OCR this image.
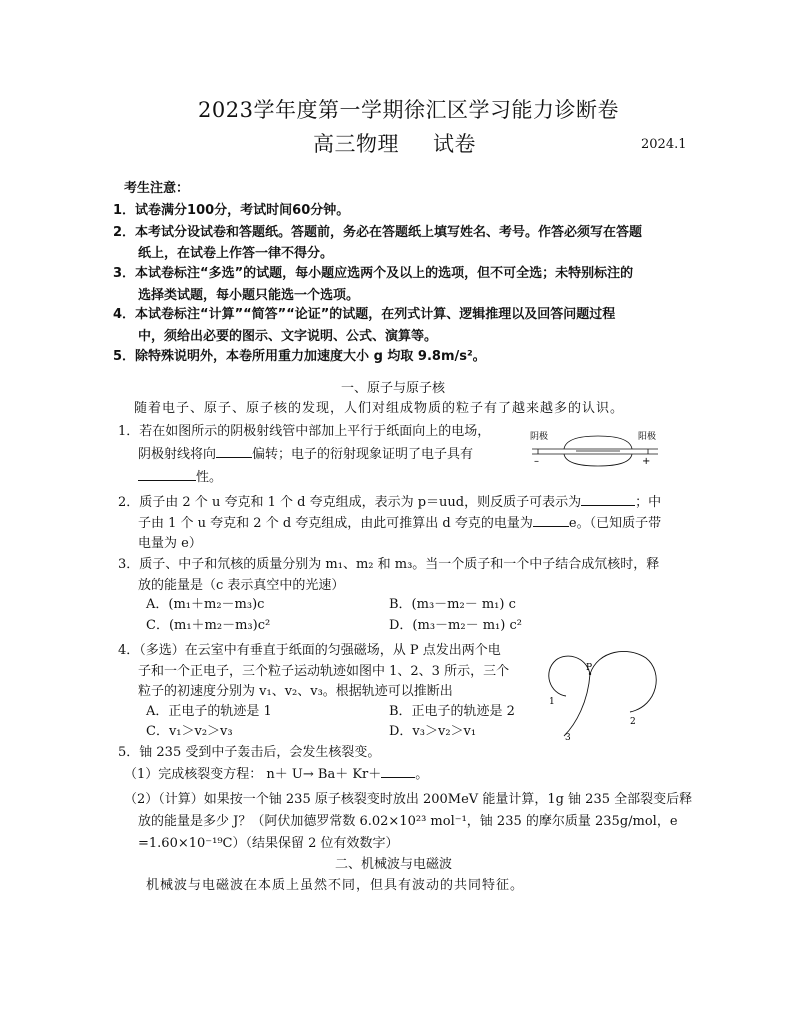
2023学年度第一学期徐汇区学习能力诊断卷
高三物理 试卷	2024.1
考生注意：
1．试卷满分100分，考试时间60分钟。
2．本考试分设试卷和答题纸。答题前，务必在答题纸上填写姓名、考号。作答必须写在答题
纸上，在试卷上作答一律不得分。
3．本试卷标注“多选”的试题，每小题应选两个及以上的选项，但不可全选；未特别标注的
选择类试题，每小题只能选一个选项。
4．本试卷标注“计算”“简答”“论证”的试题，在列式计算、逻辑推理以及回答问题过程
中，须给出必要的图示、文字说明、公式、演算等。
5．除特殊说明外，本卷所用重力加速度大小 g 均取 9.8m/s²。
一、原子与原子核
随着电子、原子、原子核的发现，人们对组成物质的粒子有了越来越多的认识。
1．若在如图所示的阴极射线管中部加上平行于纸面向上的电场，
阴极射线将向	偏转；电子的衍射现象证明了电子具有
性。
阴极	阳极
–	+
2．质子由 2 个 u 夸克和 1 个 d 夸克组成，表示为 p＝uud，则反质子可表示为	；中
子由 1 个 u 夸克和 2 个 d 夸克组成，由此可推算出 d 夸克的电量为	e。（已知质子带
电量为 e）
3．质子、中子和氘核的质量分别为 m₁、m₂ 和 m₃。当一个质子和一个中子结合成氘核时，释
放的能量是（c 表示真空中的光速）
A．(m₁＋m₂－m₃)c	B．(m₃－m₂－ m₁) c
C．(m₁＋m₂－m₃)c²	D．(m₃－m₂－ m₁) c²
4．（多选）在云室中有垂直于纸面的匀强磁场，从 P 点发出两个电
子和一个正电子，三个粒子运动轨迹如图中 1、2、3 所示，三个
粒子的初速度分别为 v₁、v₂、v₃。根据轨迹可以推断出
A．正电子的轨迹是 1	B．正电子的轨迹是 2
C．v₁＞v₂＞v₃	D．v₃＞v₂＞v₁
P
1
2
3
5．铀 235 受到中子轰击后，会发生核裂变。
（1）完成核裂变方程： n＋ U→ Ba＋ Kr＋	。
（2）（计算）如果按一个铀 235 原子核裂变时放出 200MeV 能量计算，1g 铀 235 全部裂变后释
放的能量是多少 J？（阿伏加德罗常数 6.02×10²³ mol⁻¹，铀 235 的摩尔质量 235g/mol，e
=1.60×10⁻¹⁹C）（结果保留 2 位有效数字）
二、机械波与电磁波
机械波与电磁波在本质上虽然不同，但具有波动的共同特征。
